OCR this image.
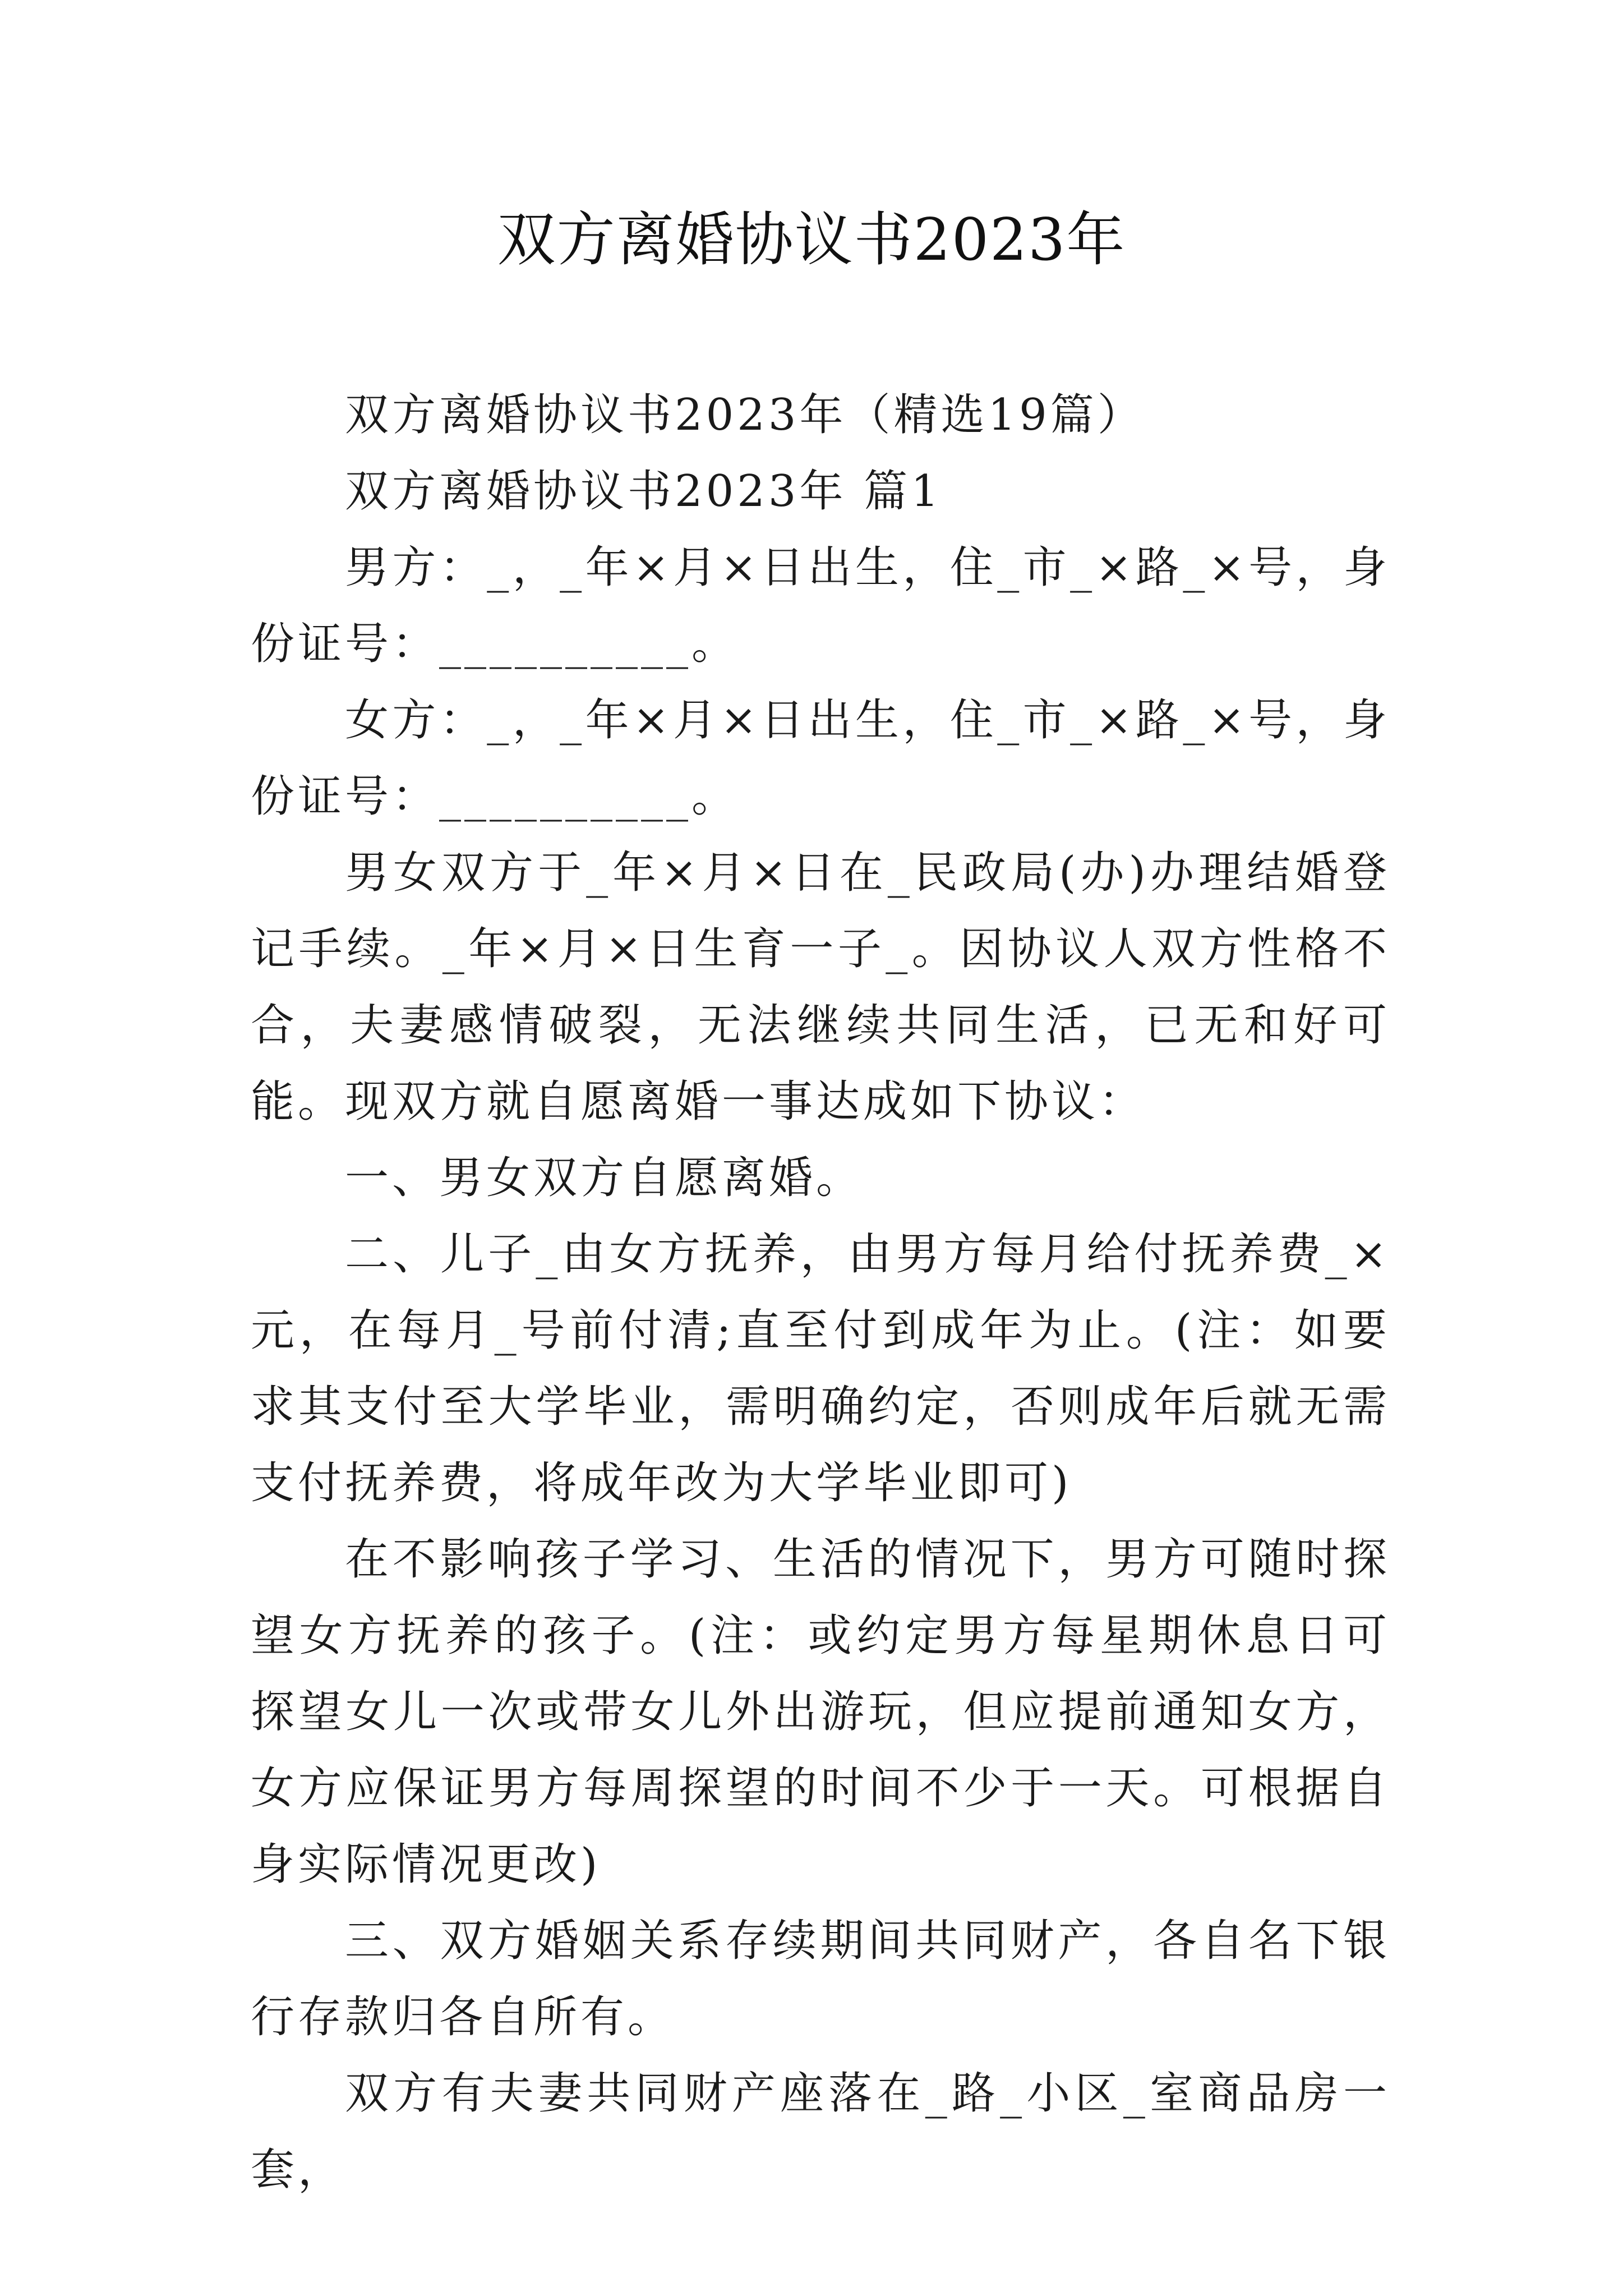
双方离婚协议书2023年

双方离婚协议书2023年（精选19篇）

双方离婚协议书2023年 篇1

男方：_，_年×月×日出生，住_市_×路_×号，身份证号：__________。

女方：_，_年×月×日出生，住_市_×路_×号，身份证号：__________。

男女双方于_年×月×日在_民政局(办)办理结婚登记手续。_年×月×日生育一子_。因协议人双方性格不合，夫妻感情破裂，无法继续共同生活，已无和好可能。现双方就自愿离婚一事达成如下协议：

一、男女双方自愿离婚。

二、儿子_由女方抚养，由男方每月给付抚养费_×元，在每月_号前付清;直至付到成年为止。(注：如要求其支付至大学毕业，需明确约定，否则成年后就无需支付抚养费，将成年改为大学毕业即可)

在不影响孩子学习、生活的情况下，男方可随时探望女方抚养的孩子。(注：或约定男方每星期休息日可探望女儿一次或带女儿外出游玩，但应提前通知女方，女方应保证男方每周探望的时间不少于一天。可根据自身实际情况更改)

三、双方婚姻关系存续期间共同财产，各自名下银行存款归各自所有。

双方有夫妻共同财产座落在_路_小区_室商品房一套，
